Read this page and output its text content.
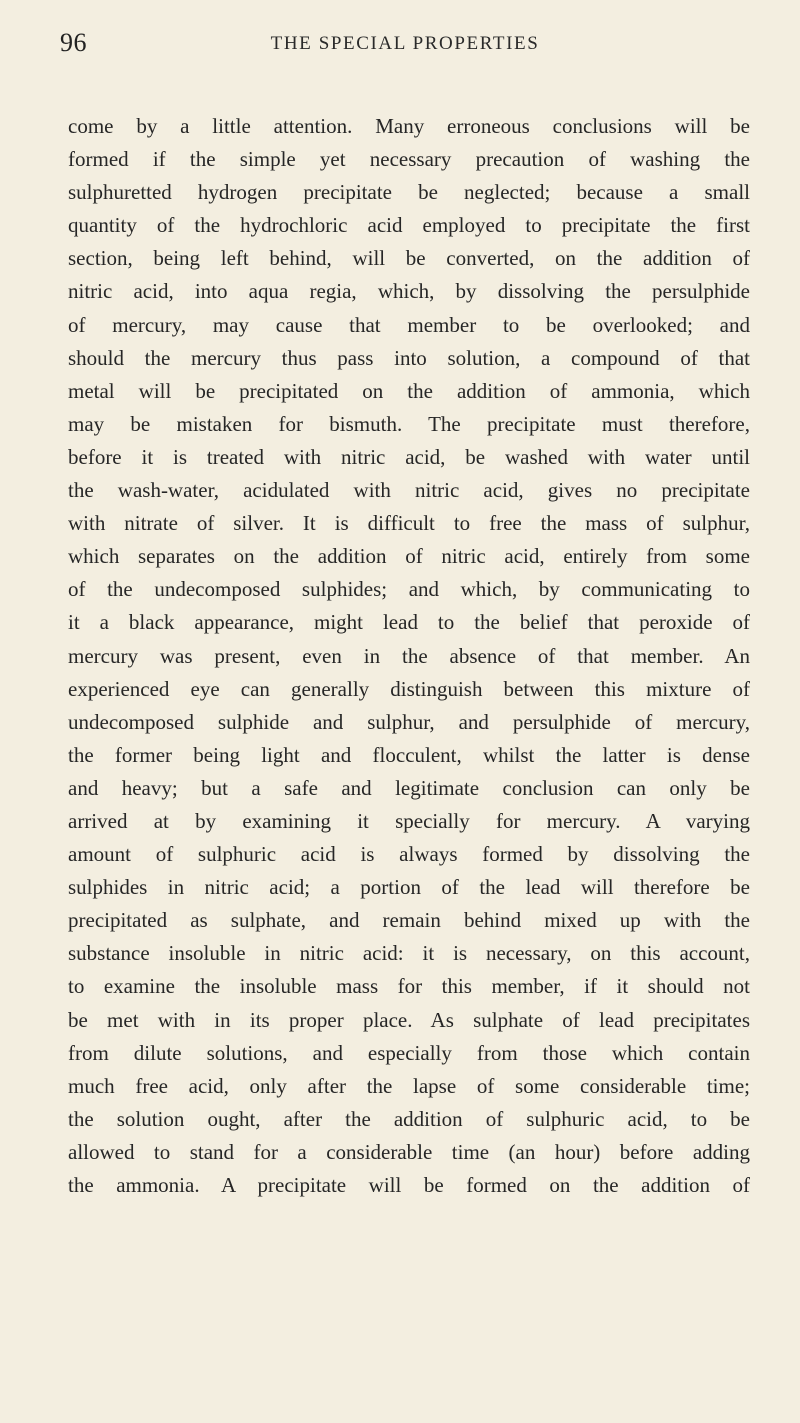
96	THE SPECIAL PROPERTIES
come by a little attention. Many erroneous conclusions will be
formed if the simple yet necessary precaution of washing the
sulphuretted hydrogen precipitate be neglected; because a small
quantity of the hydrochloric acid employed to precipitate the first
section, being left behind, will be converted, on the addition of
nitric acid, into aqua regia, which, by dissolving the persulphide
of mercury, may cause that member to be overlooked; and
should the mercury thus pass into solution, a compound of that
metal will be precipitated on the addition of ammonia, which
may be mistaken for bismuth. The precipitate must therefore,
before it is treated with nitric acid, be washed with water until
the wash-water, acidulated with nitric acid, gives no precipitate
with nitrate of silver. It is difficult to free the mass of sulphur,
which separates on the addition of nitric acid, entirely from some
of the undecomposed sulphides; and which, by communicating to
it a black appearance, might lead to the belief that peroxide of
mercury was present, even in the absence of that member. An
experienced eye can generally distinguish between this mixture of
undecomposed sulphide and sulphur, and persulphide of mercury,
the former being light and flocculent, whilst the latter is dense
and heavy; but a safe and legitimate conclusion can only be
arrived at by examining it specially for mercury. A varying
amount of sulphuric acid is always formed by dissolving the
sulphides in nitric acid; a portion of the lead will therefore be
precipitated as sulphate, and remain behind mixed up with the
substance insoluble in nitric acid: it is necessary, on this account,
to examine the insoluble mass for this member, if it should not
be met with in its proper place. As sulphate of lead precipitates
from dilute solutions, and especially from those which contain
much free acid, only after the lapse of some considerable time;
the solution ought, after the addition of sulphuric acid, to be
allowed to stand for a considerable time (an hour) before adding
the ammonia. A precipitate will be formed on the addition of
